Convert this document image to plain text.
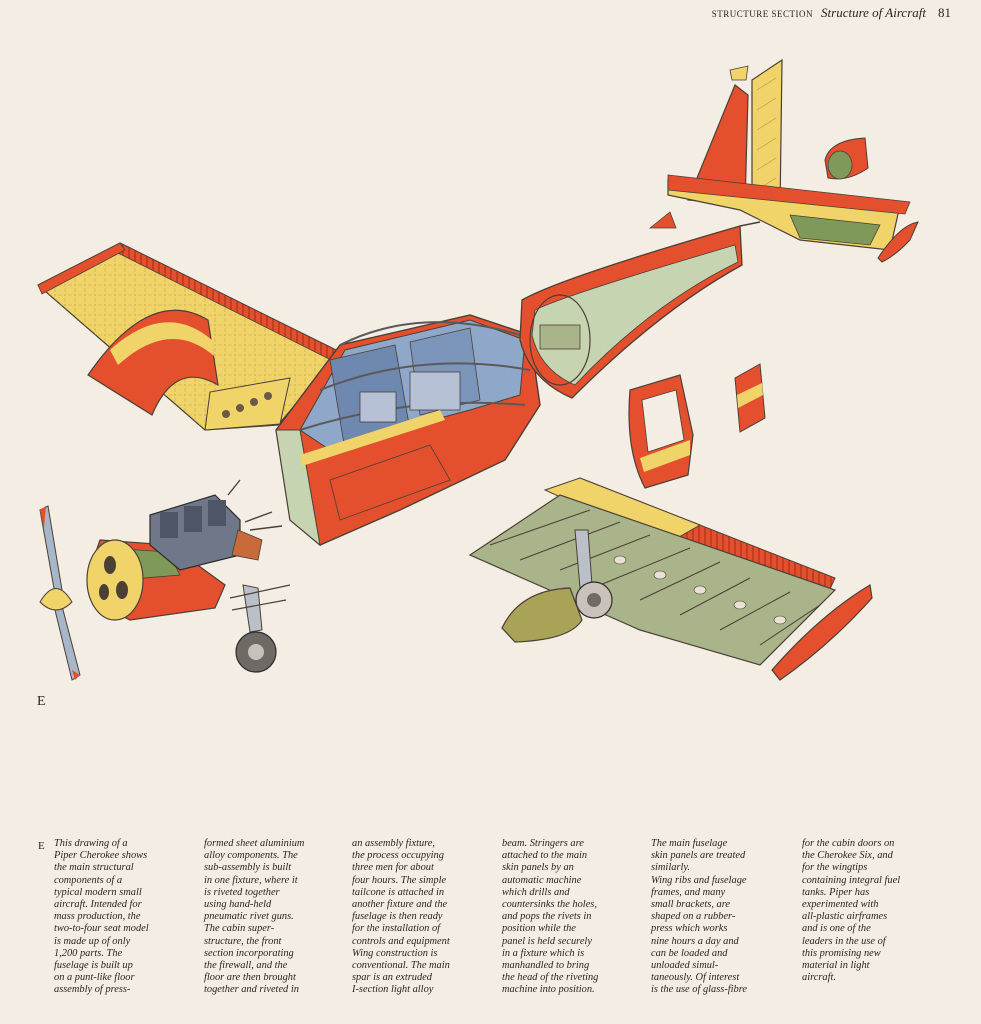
STRUCTURE SECTION Structure of Aircraft 81
E
E This drawing of a
Piper Cherokee shows
the main structural
components of a
typical modern small
aircraft. Intended for
mass production, the
two-to-four seat model
is made up of only
1,200 parts. The
fuselage is built up
on a punt-like floor
assembly of press-
formed sheet aluminium
alloy components. The
sub-assembly is built
in one fixture, where it
is riveted together
using hand-held
pneumatic rivet guns.
The cabin super-
structure, the front
section incorporating
the firewall, and the
floor are then brought
together and riveted in
an assembly fixture,
the process occupying
three men for about
four hours. The simple
tailcone is attached in
another fixture and the
fuselage is then ready
for the installation of
controls and equipment
Wing construction is
conventional. The main
spar is an extruded
I-section light alloy
beam. Stringers are
attached to the main
skin panels by an
automatic machine
which drills and
countersinks the holes,
and pops the rivets in
position while the
panel is held securely
in a fixture which is
manhandled to bring
the head of the riveting
machine into position.
The main fuselage
skin panels are treated
similarly.
Wing ribs and fuselage
frames, and many
small brackets, are
shaped on a rubber-
press which works
nine hours a day and
can be loaded and
unloaded simul-
taneously. Of interest
is the use of glass-fibre
for the cabin doors on
the Cherokee Six, and
for the wingtips
containing integral fuel
tanks. Piper has
experimented with
all-plastic airframes
and is one of the
leaders in the use of
this promising new
material in light
aircraft.
